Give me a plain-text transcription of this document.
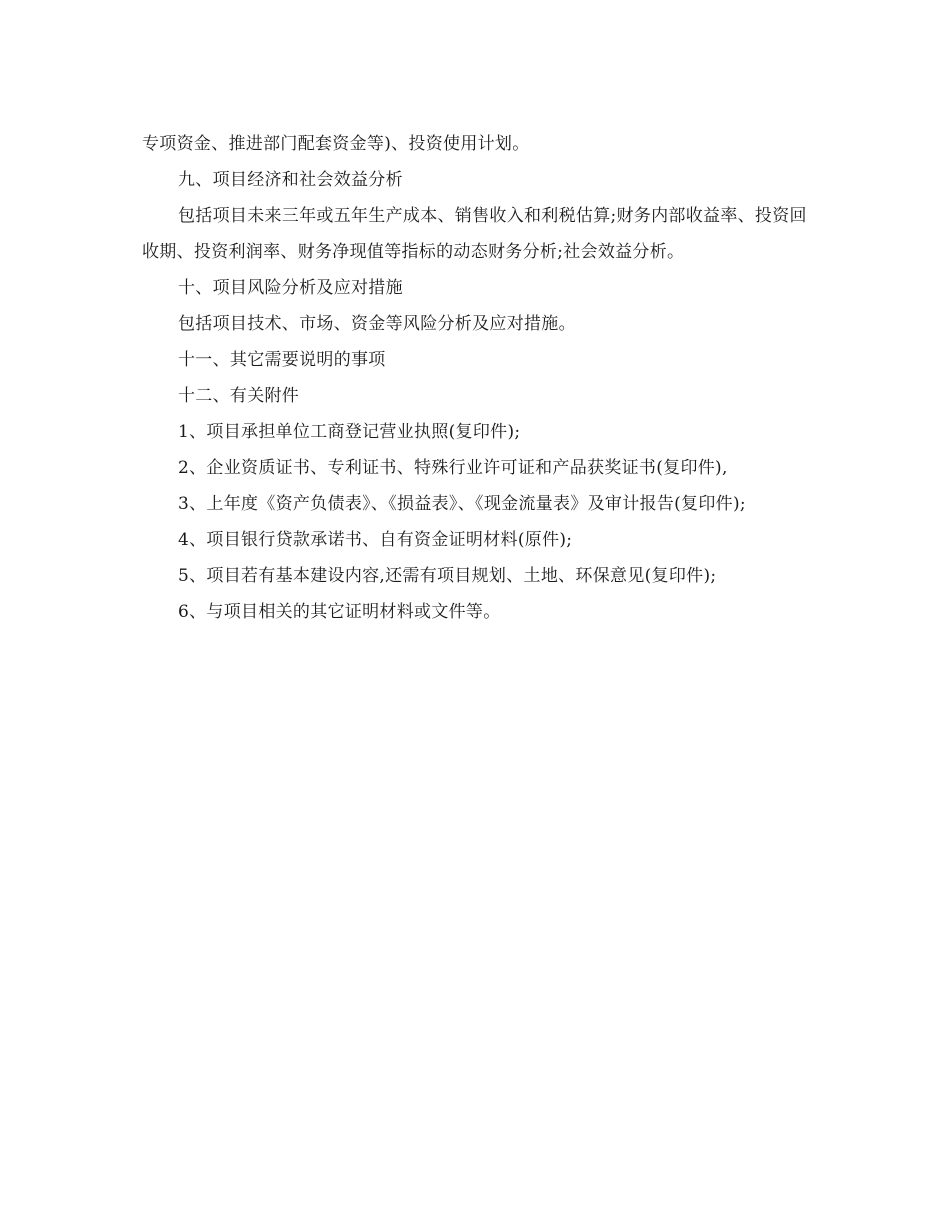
专项资金、推进部门配套资金等)、投资使用计划。

九、项目经济和社会效益分析

包括项目未来三年或五年生产成本、销售收入和利税估算;财务内部收益率、投资回收期、投资利润率、财务净现值等指标的动态财务分析;社会效益分析。

十、项目风险分析及应对措施

包括项目技术、市场、资金等风险分析及应对措施。

十一、其它需要说明的事项

十二、有关附件

1、项目承担单位工商登记营业执照(复印件);

2、企业资质证书、专利证书、特殊行业许可证和产品获奖证书(复印件),

3、上年度《资产负债表》、《损益表》、《现金流量表》及审计报告(复印件);

4、项目银行贷款承诺书、自有资金证明材料(原件);

5、项目若有基本建设内容,还需有项目规划、土地、环保意见(复印件);

6、与项目相关的其它证明材料或文件等。
